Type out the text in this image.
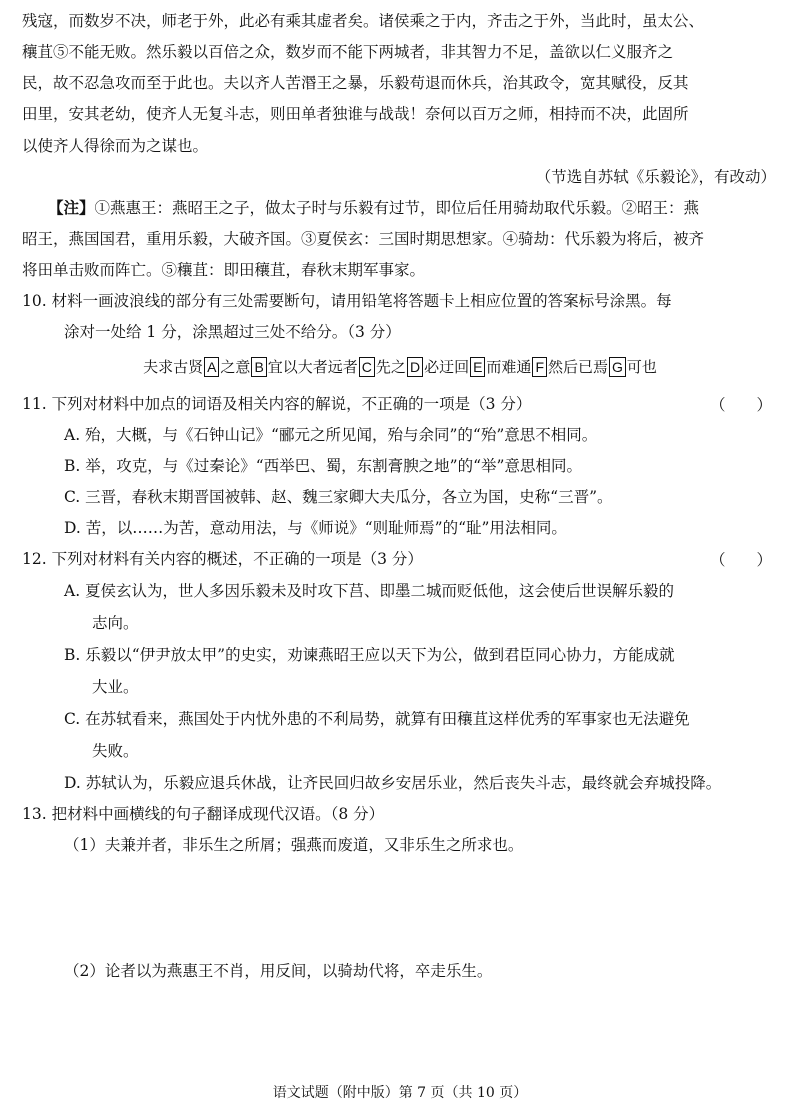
残寇，而数岁不决，师老于外，此必有乘其虚者矣。诸侯乘之于内，齐击之于外，当此时，虽太公、
穰苴⑤不能无败。然乐毅以百倍之众，数岁而不能下两城者，非其智力不足，盖欲以仁义服齐之
民，故不忍急攻而至于此也。夫以齐人苦湣王之暴，乐毅苟退而休兵，治其政令，宽其赋役，反其
田里，安其老幼，使齐人无复斗志，则田单者独谁与战哉！奈何以百万之师，相持而不决，此固所
以使齐人得徐而为之谋也。
（节选自苏轼《乐毅论》，有改动）
【注】①燕惠王：燕昭王之子，做太子时与乐毅有过节，即位后任用骑劫取代乐毅。②昭王：燕
昭王，燕国国君，重用乐毅，大破齐国。③夏侯玄：三国时期思想家。④骑劫：代乐毅为将后，被齐
将田单击败而阵亡。⑤穰苴：即田穰苴，春秋末期军事家。
10. 材料一画波浪线的部分有三处需要断句，请用铅笔将答题卡上相应位置的答案标号涂黑。每
涂对一处给 1 分，涂黑超过三处不给分。（3 分）
夫求古贤 A 之意 B 宜以大者远者 C 先之 D 必迂回 E 而难通 F 然后已焉 G 可也
11. 下列对材料中加点的词语及相关内容的解说，不正确的一项是（3 分）	（　　）
A. 殆，大概，与《石钟山记》“郦元之所见闻，殆与余同”的“殆”意思不相同。
B. 举，攻克，与《过秦论》“西举巴、蜀，东割膏腴之地”的“举”意思相同。
C. 三晋，春秋末期晋国被韩、赵、魏三家卿大夫瓜分，各立为国，史称“三晋”。
D. 苦，以……为苦，意动用法，与《师说》“则耻师焉”的“耻”用法相同。
12. 下列对材料有关内容的概述，不正确的一项是（3 分）	（　　）
A. 夏侯玄认为，世人多因乐毅未及时攻下莒、即墨二城而贬低他，这会使后世误解乐毅的
志向。
B. 乐毅以“伊尹放太甲”的史实，劝谏燕昭王应以天下为公，做到君臣同心协力，方能成就
大业。
C. 在苏轼看来，燕国处于内忧外患的不利局势，就算有田穰苴这样优秀的军事家也无法避免
失败。
D. 苏轼认为，乐毅应退兵休战，让齐民回归故乡安居乐业，然后丧失斗志，最终就会弃城投降。
13. 把材料中画横线的句子翻译成现代汉语。（8 分）
（1）夫兼并者，非乐生之所屑；强燕而废道，又非乐生之所求也。
（2）论者以为燕惠王不肖，用反间，以骑劫代将，卒走乐生。
语文试题（附中版）第 7 页（共 10 页）
